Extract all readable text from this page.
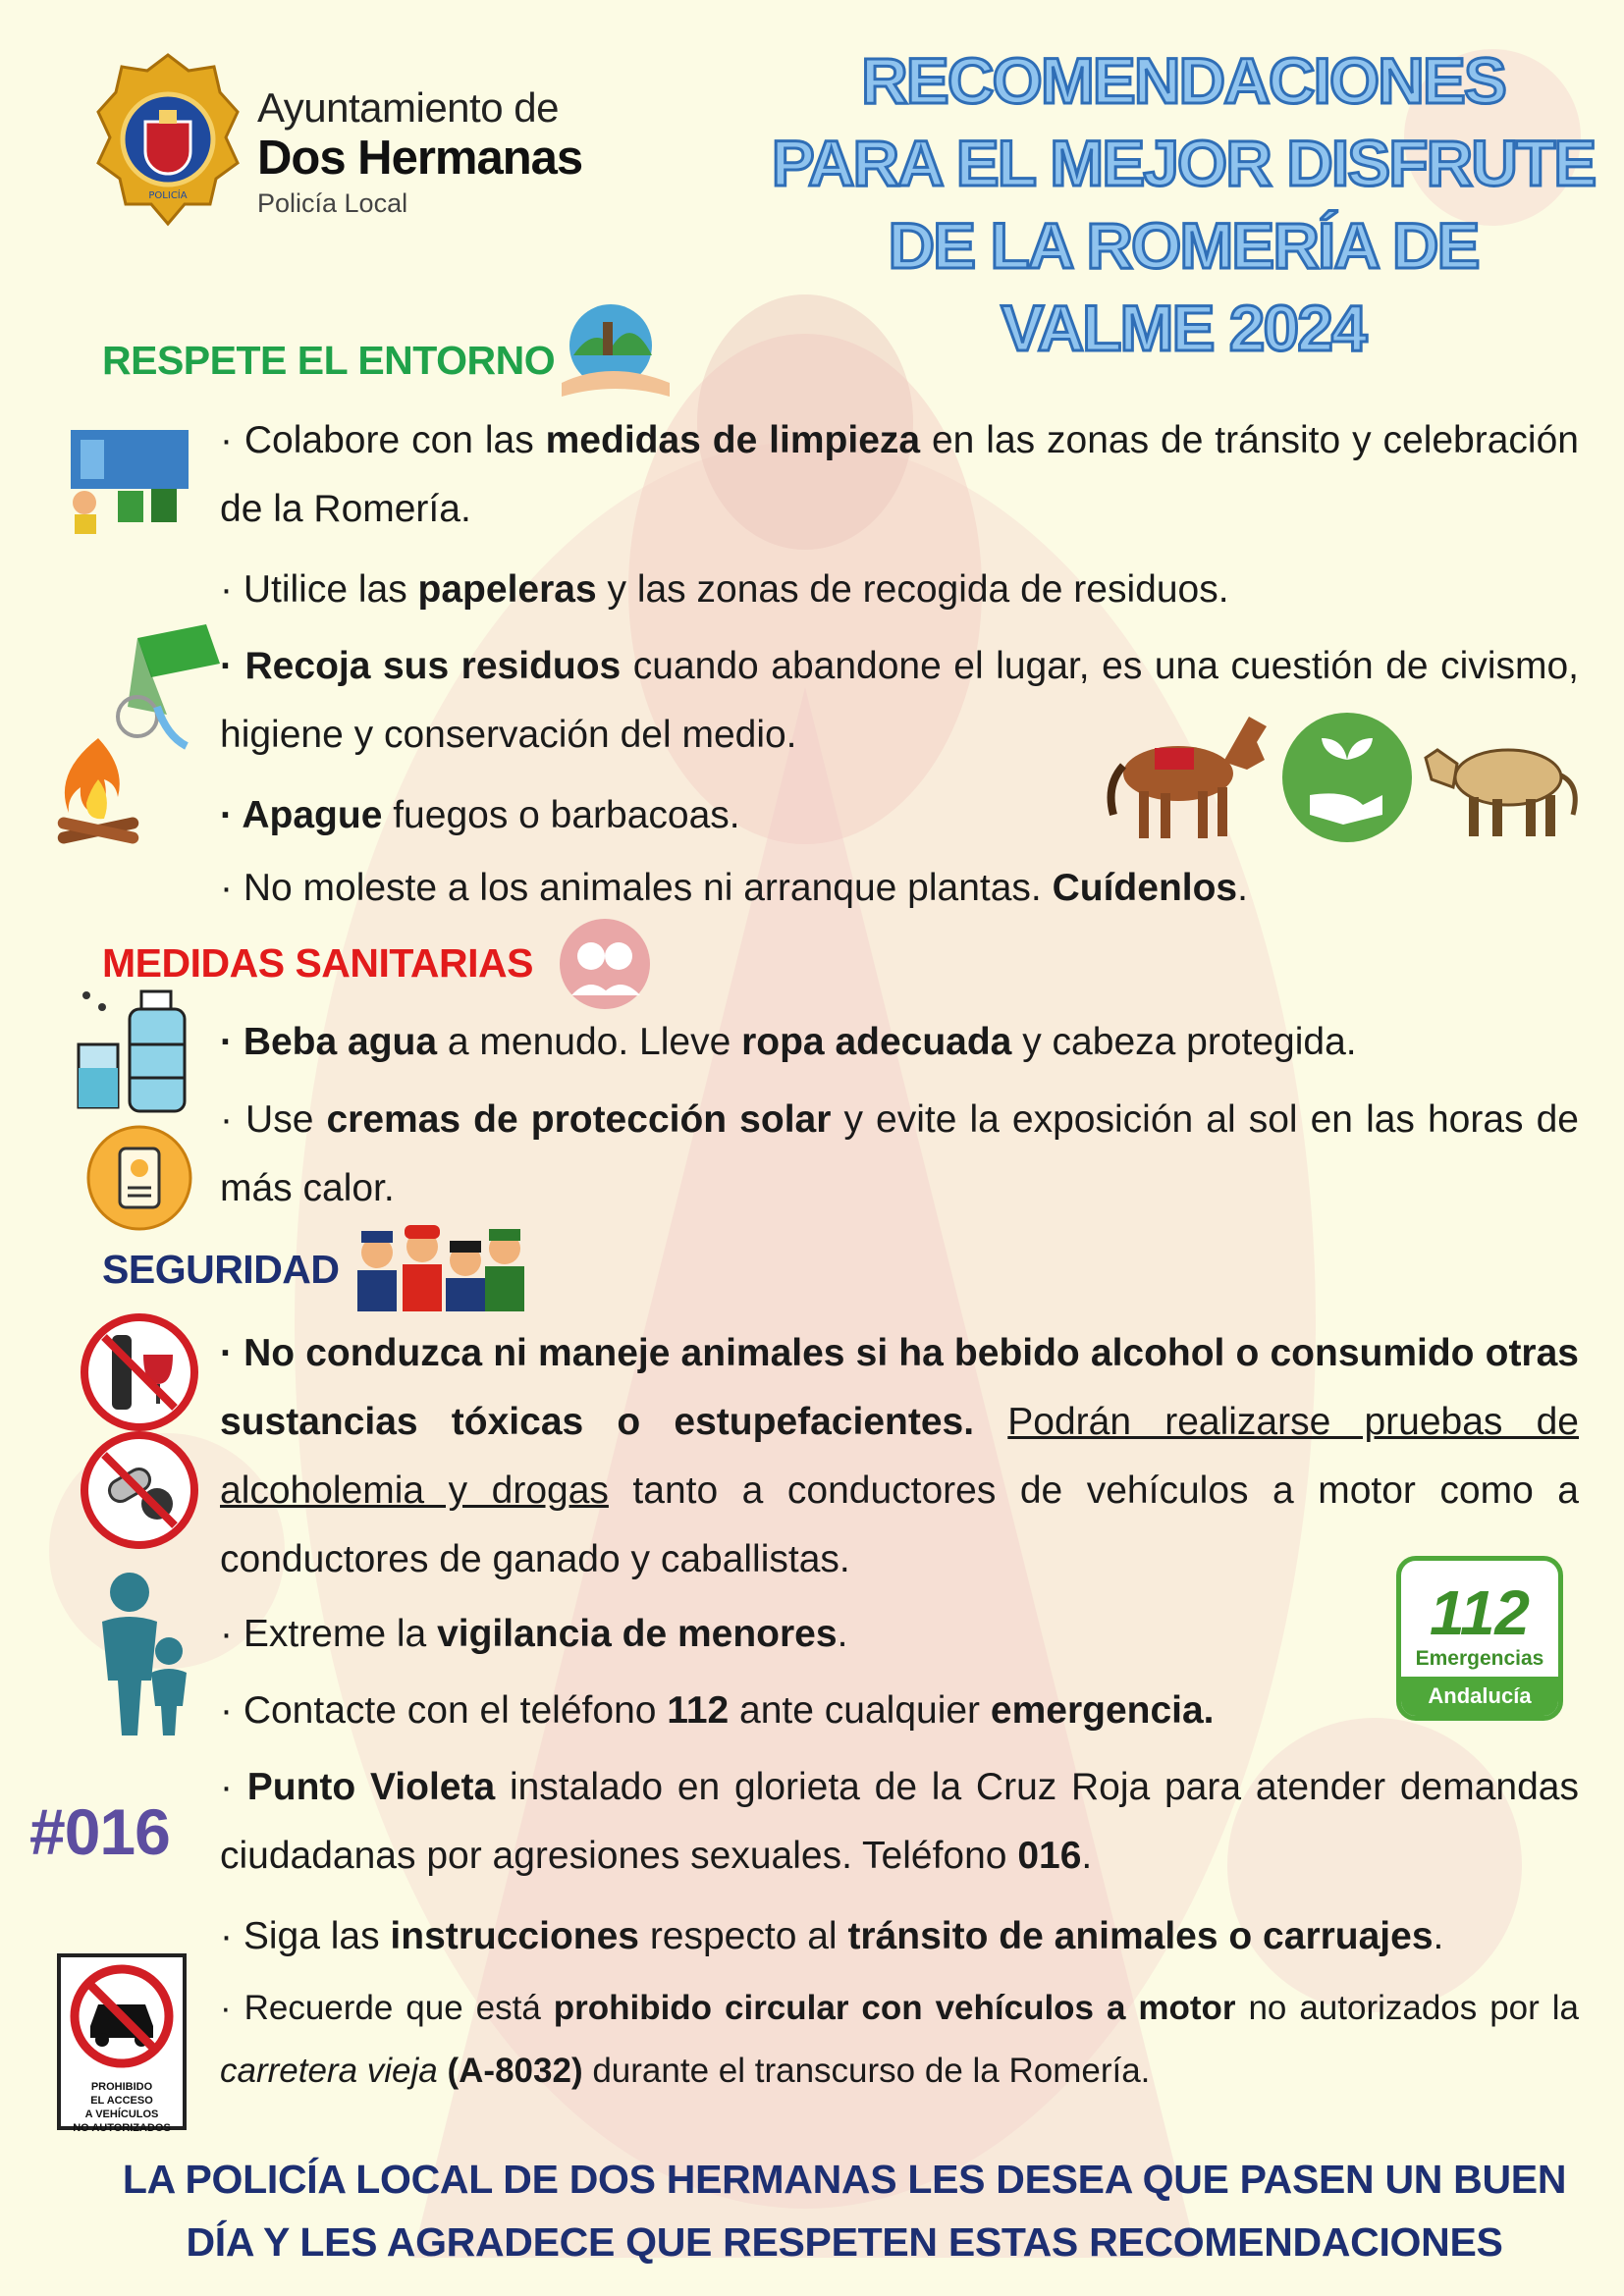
POLICÍA
Ayuntamiento de
Dos Hermanas
Policía Local
RECOMENDACIONES
PARA EL MEJOR DISFRUTE
DE LA ROMERÍA DE
VALME 2024
RESPETE EL ENTORNO
· Colabore con las medidas de limpieza en las zonas de tránsito y celebración de la Romería.
· Utilice las papeleras y las zonas de recogida de residuos.
· Recoja sus residuos cuando abandone el lugar, es una cuestión de civismo, higiene y conservación del medio.
· Apague fuegos o barbacoas.
· No moleste a los animales ni arranque plantas. Cuídenlos.
MEDIDAS SANITARIAS
· Beba agua a menudo. Lleve ropa adecuada y cabeza protegida.
· Use cremas de protección solar y evite la exposición al sol en las horas de más calor.
SEGURIDAD
· No conduzca ni maneje animales si ha bebido alcohol o consumido otras sustancias tóxicas o estupefacientes. Podrán realizarse pruebas de alcoholemia y drogas tanto a conductores de vehículos a motor como a conductores de ganado y caballistas.
· Extreme la vigilancia de menores.	112
Emergencias
Andalucía
· Contacte con el teléfono 112 ante cualquier emergencia.
#016
· Punto Violeta instalado en glorieta de la Cruz Roja para atender demandas ciudadanas por agresiones sexuales. Teléfono 016.
· Siga las instrucciones respecto al tránsito de animales o carruajes.
PROHIBIDO
EL ACCESO
A VEHÍCULOS
NO AUTORIZADOS
· Recuerde que está prohibido circular con vehículos a motor no autorizados por la carretera vieja (A-8032) durante el transcurso de la Romería.
LA POLICÍA LOCAL DE DOS HERMANAS LES DESEA QUE PASEN UN BUEN
DÍA Y LES AGRADECE QUE RESPETEN ESTAS RECOMENDACIONES
